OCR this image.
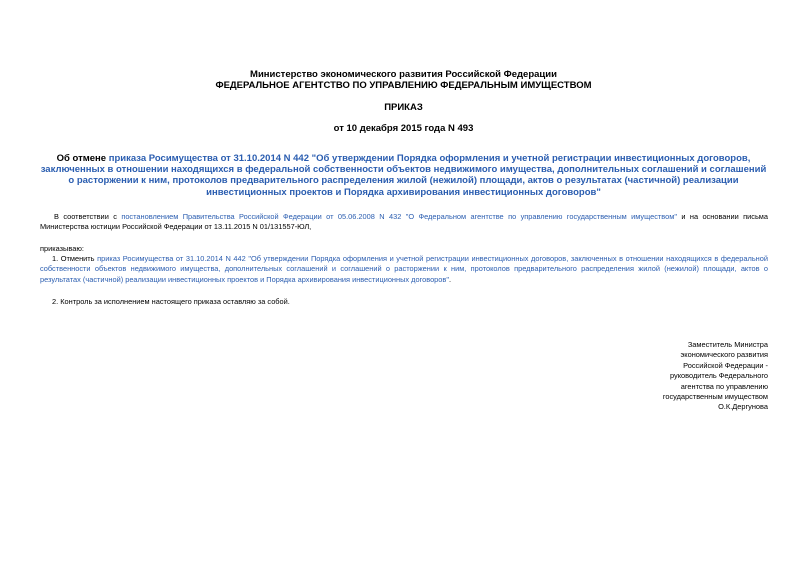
Министерство экономического развития Российской Федерации
ФЕДЕРАЛЬНОЕ АГЕНТСТВО ПО УПРАВЛЕНИЮ ФЕДЕРАЛЬНЫМ ИМУЩЕСТВОМ
ПРИКАЗ
от 10 декабря 2015 года N 493
Об отмене приказа Росимущества от 31.10.2014 N 442 "Об утверждении Порядка оформления и учетной регистрации инвестиционных договоров, заключенных в отношении находящихся в федеральной собственности объектов недвижимого имущества, дополнительных соглашений и соглашений о расторжении к ним, протоколов предварительного распределения жилой (нежилой) площади, актов о результатах (частичной) реализации инвестиционных проектов и Порядка архивирования инвестиционных договоров"
В соответствии с постановлением Правительства Российской Федерации от 05.06.2008 N 432 "О Федеральном агентстве по управлению государственным имуществом" и на основании письма Министерства юстиции Российской Федерации от 13.11.2015 N 01/131557-ЮЛ,
приказываю:
1. Отменить приказ Росимущества от 31.10.2014 N 442 "Об утверждении Порядка оформления и учетной регистрации инвестиционных договоров, заключенных в отношении находящихся в федеральной собственности объектов недвижимого имущества, дополнительных соглашений и соглашений о расторжении к ним, протоколов предварительного распределения жилой (нежилой) площади, актов о результатах (частичной) реализации инвестиционных проектов и Порядка архивирования инвестиционных договоров".
2. Контроль за исполнением настоящего приказа оставляю за собой.
Заместитель Министра
экономического развития
Российской Федерации -
руководитель Федерального
агентства по управлению
государственным имуществом
О.К.Дергунова
